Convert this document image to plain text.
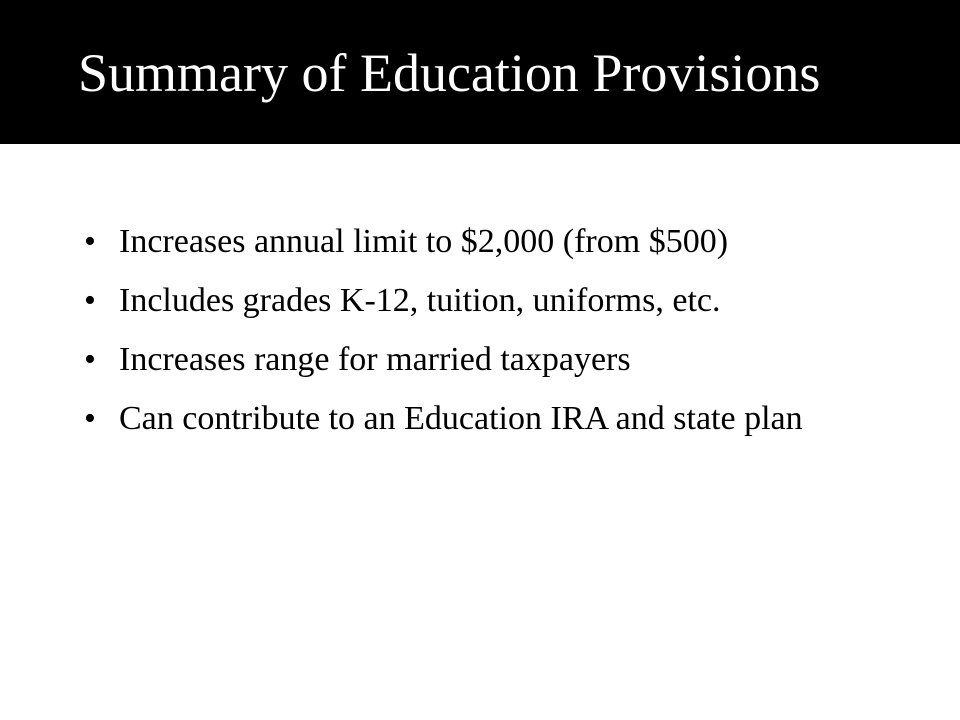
Summary of Education Provisions
• Increases annual limit to $2,000 (from $500)
• Includes grades K-12, tuition, uniforms, etc.
• Increases range for married taxpayers
• Can contribute to an Education IRA and state plan
